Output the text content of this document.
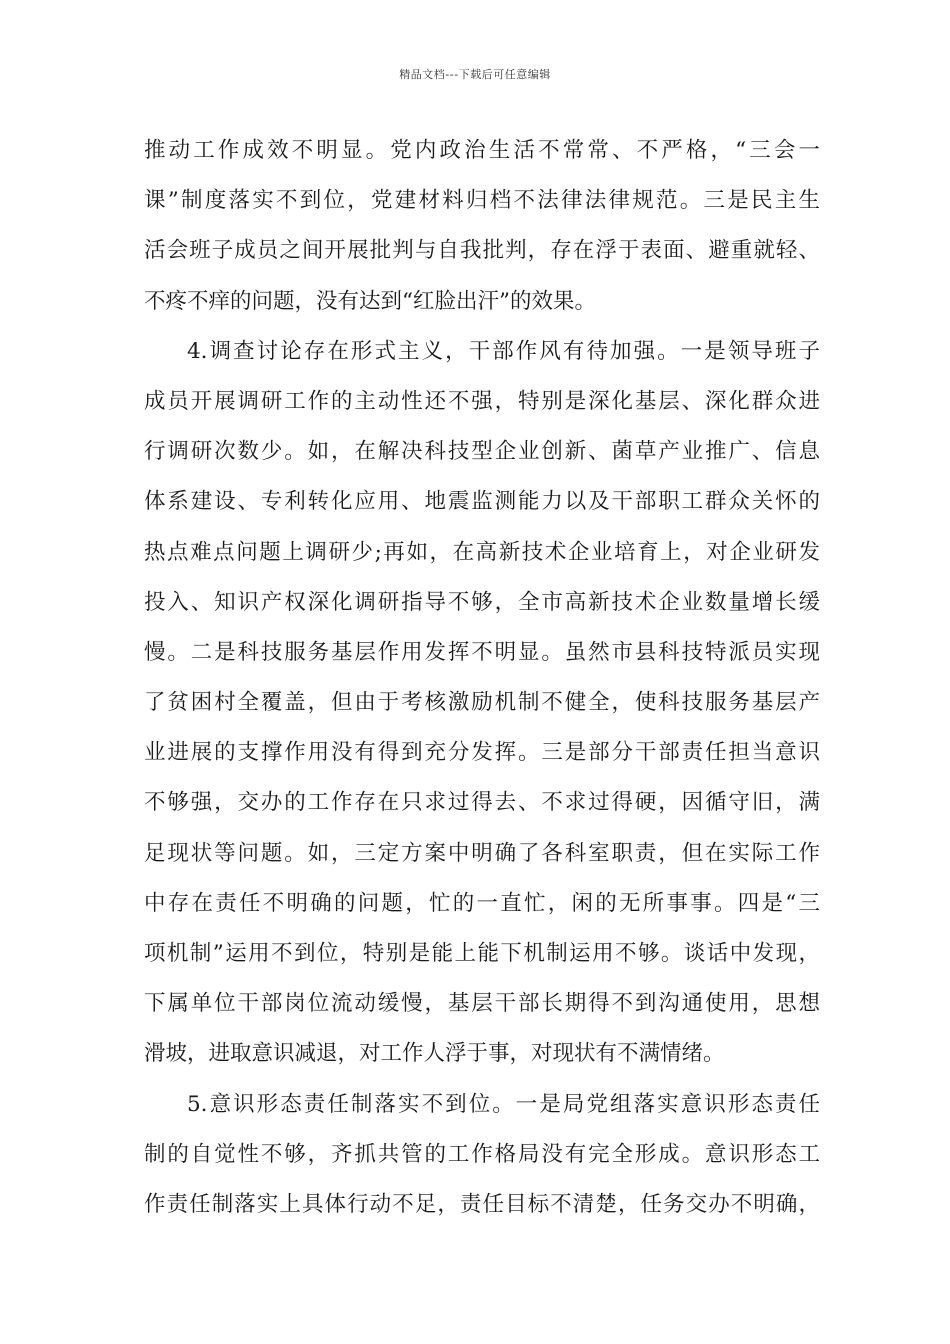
精品文档---下载后可任意编辑
推动工作成效不明显。党内政治生活不常常、不严格，“三会一
课”制度落实不到位，党建材料归档不法律法律规范。三是民主生
活会班子成员之间开展批判与自我批判，存在浮于表面、避重就轻、
不疼不痒的问题，没有达到“红脸出汗”的效果。
4.调查讨论存在形式主义，干部作风有待加强。一是领导班子
成员开展调研工作的主动性还不强，特别是深化基层、深化群众进
行调研次数少。如，在解决科技型企业创新、菌草产业推广、信息
体系建设、专利转化应用、地震监测能力以及干部职工群众关怀的
热点难点问题上调研少;再如，在高新技术企业培育上，对企业研发
投入、知识产权深化调研指导不够，全市高新技术企业数量增长缓
慢。二是科技服务基层作用发挥不明显。虽然市县科技特派员实现
了贫困村全覆盖，但由于考核激励机制不健全，使科技服务基层产
业进展的支撑作用没有得到充分发挥。三是部分干部责任担当意识
不够强，交办的工作存在只求过得去、不求过得硬，因循守旧，满
足现状等问题。如，三定方案中明确了各科室职责，但在实际工作
中存在责任不明确的问题，忙的一直忙，闲的无所事事。四是“三
项机制”运用不到位，特别是能上能下机制运用不够。谈话中发现，
下属单位干部岗位流动缓慢，基层干部长期得不到沟通使用，思想
滑坡，进取意识减退，对工作人浮于事，对现状有不满情绪。
5.意识形态责任制落实不到位。一是局党组落实意识形态责任
制的自觉性不够，齐抓共管的工作格局没有完全形成。意识形态工
作责任制落实上具体行动不足，责任目标不清楚，任务交办不明确，
